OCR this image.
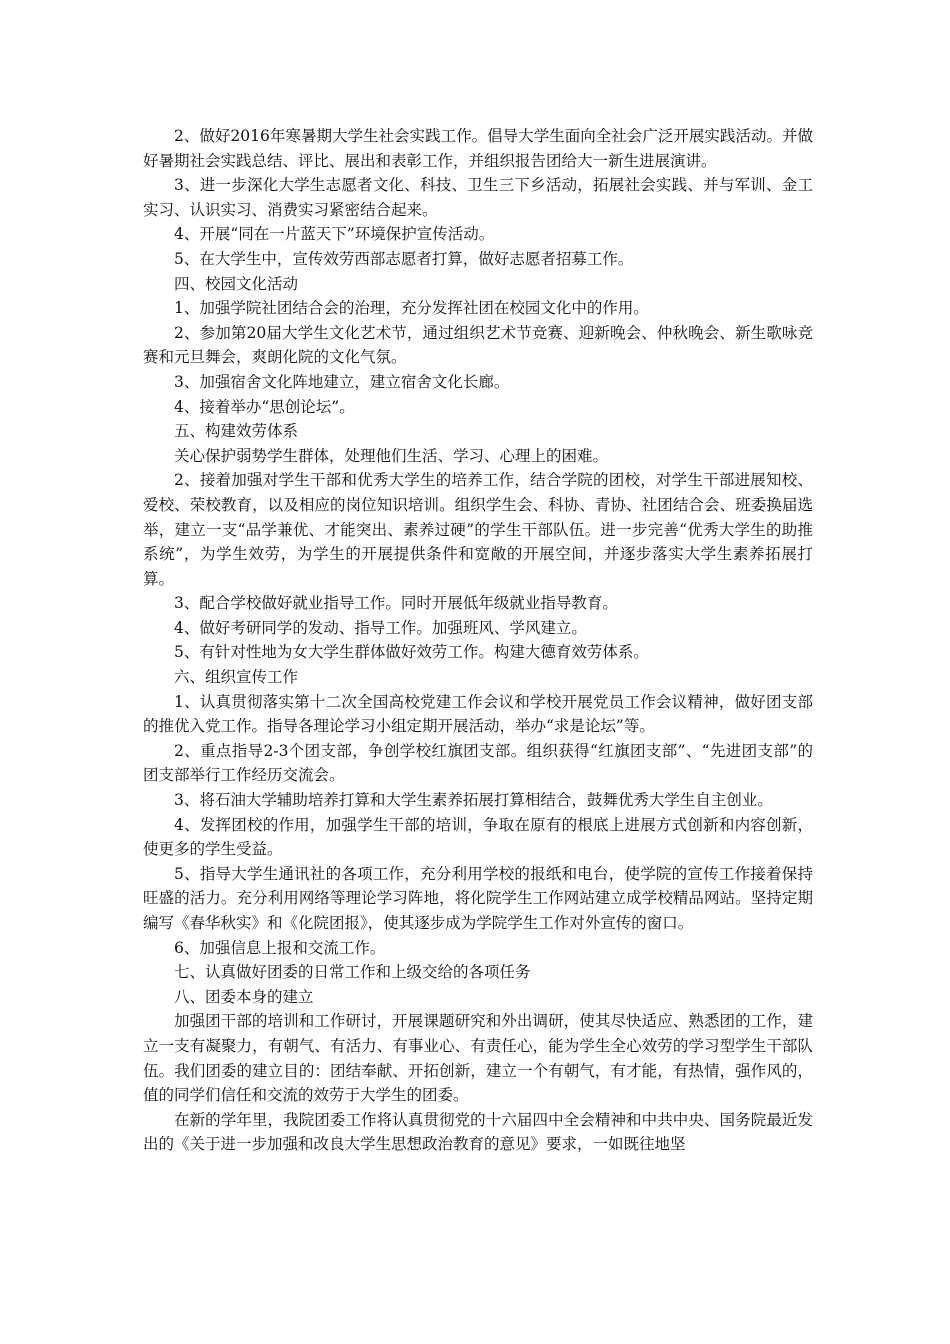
2、做好2016年寒暑期大学生社会实践工作。倡导大学生面向全社会广泛开展实践活动。并做好暑期社会实践总结、评比、展出和表彰工作，并组织报告团给大一新生进展演讲。

3、进一步深化大学生志愿者文化、科技、卫生三下乡活动，拓展社会实践、并与军训、金工实习、认识实习、消费实习紧密结合起来。

4、开展“同在一片蓝天下”环境保护宣传活动。

5、在大学生中，宣传效劳西部志愿者打算，做好志愿者招募工作。

四、校园文化活动

1、加强学院社团结合会的治理，充分发挥社团在校园文化中的作用。

2、参加第20届大学生文化艺术节，通过组织艺术节竞赛、迎新晚会、仲秋晚会、新生歌咏竞赛和元旦舞会，爽朗化院的文化气氛。

3、加强宿舍文化阵地建立，建立宿舍文化长廊。

4、接着举办“思创论坛”。

五、构建效劳体系

关心保护弱势学生群体，处理他们生活、学习、心理上的困难。

2、接着加强对学生干部和优秀大学生的培养工作，结合学院的团校，对学生干部进展知校、爱校、荣校教育，以及相应的岗位知识培训。组织学生会、科协、青协、社团结合会、班委换届选举，建立一支“品学兼优、才能突出、素养过硬”的学生干部队伍。进一步完善“优秀大学生的助推系统”，为学生效劳，为学生的开展提供条件和宽敞的开展空间，并逐步落实大学生素养拓展打算。

3、配合学校做好就业指导工作。同时开展低年级就业指导教育。

4、做好考研同学的发动、指导工作。加强班风、学风建立。

5、有针对性地为女大学生群体做好效劳工作。构建大德育效劳体系。

六、组织宣传工作

1、认真贯彻落实第十二次全国高校党建工作会议和学校开展党员工作会议精神，做好团支部的推优入党工作。指导各理论学习小组定期开展活动，举办“求是论坛”等。

2、重点指导2-3个团支部，争创学校红旗团支部。组织获得“红旗团支部”、“先进团支部”的团支部举行工作经历交流会。

3、将石油大学辅助培养打算和大学生素养拓展打算相结合，鼓舞优秀大学生自主创业。

4、发挥团校的作用，加强学生干部的培训，争取在原有的根底上进展方式创新和内容创新，使更多的学生受益。

5、指导大学生通讯社的各项工作，充分利用学校的报纸和电台，使学院的宣传工作接着保持旺盛的活力。充分利用网络等理论学习阵地，将化院学生工作网站建立成学校精品网站。坚持定期编写《春华秋实》和《化院团报》，使其逐步成为学院学生工作对外宣传的窗口。

6、加强信息上报和交流工作。

七、认真做好团委的日常工作和上级交给的各项任务

八、团委本身的建立

加强团干部的培训和工作研讨，开展课题研究和外出调研，使其尽快适应、熟悉团的工作，建立一支有凝聚力，有朝气、有活力、有事业心、有责任心，能为学生全心效劳的学习型学生干部队伍。我们团委的建立目的：团结奉献、开拓创新，建立一个有朝气，有才能，有热情，强作风的，值的同学们信任和交流的效劳于大学生的团委。

在新的学年里，我院团委工作将认真贯彻党的十六届四中全会精神和中共中央、国务院最近发出的《关于进一步加强和改良大学生思想政治教育的意见》要求，一如既往地坚
